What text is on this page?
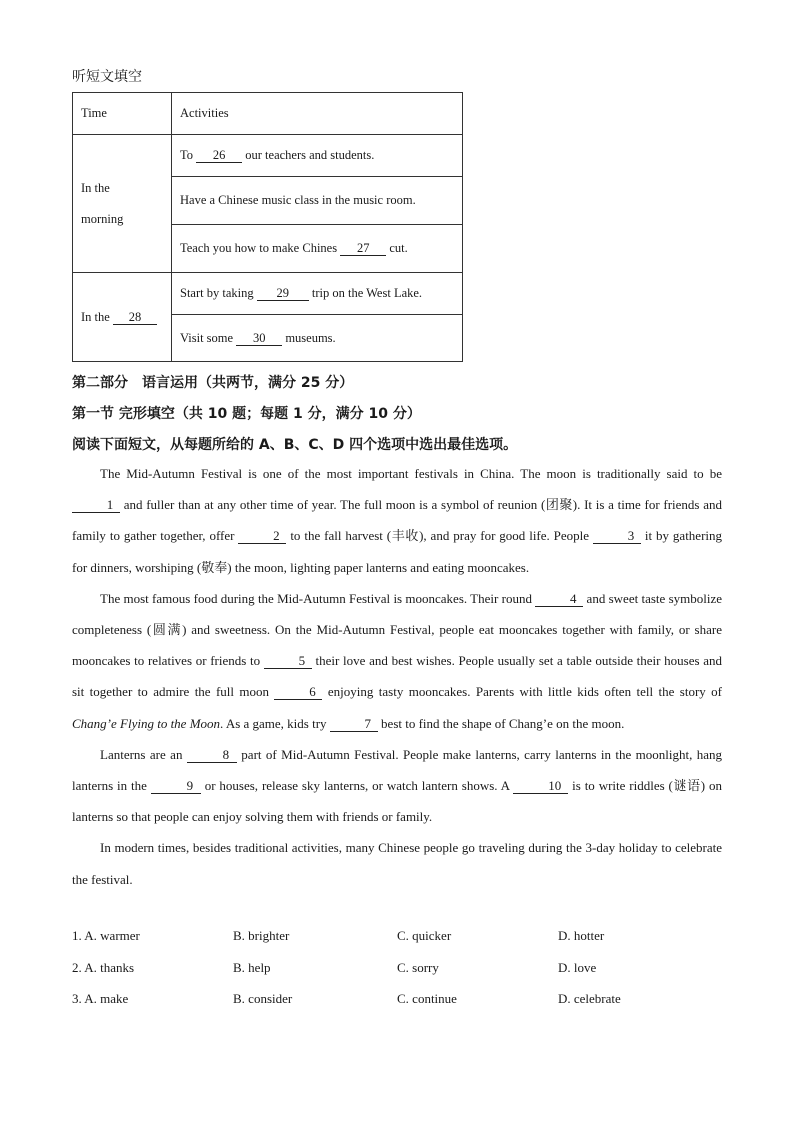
听短文填空
Time	Activities

In the
morning	To 26 our teachers and students.
	Have a Chinese music class in the music room.
	Teach you how to make Chines 27 cut.
In the 28	Start by taking 29 trip on the West Lake.
	Visit some 30 museums.
第二部分　语言运用（共两节，满分 25 分）
第一节 完形填空（共 10 题；每题 1 分，满分 10 分）
阅读下面短文，从每题所给的 A、B、C、D 四个选项中选出最佳选项。

The Mid-Autumn Festival is one of the most important festivals in China. The moon is traditionally said to be 1 and fuller than at any other time of year. The full moon is a symbol of reunion (团聚). It is a time for friends and family to gather together, offer	2 to the fall harvest (丰收), and pray for good life. People	3 it by gathering for dinners, worshiping (敬奉) the moon, lighting paper lanterns and eating mooncakes.

The most famous food during the Mid-Autumn Festival is mooncakes. Their round	4 and sweet taste symbolize completeness (圆满) and sweetness. On the Mid-Autumn Festival, people eat mooncakes together with family, or share mooncakes to relatives or friends to	5 their love and best wishes. People usually set a table outside their houses and sit together to admire the full moon	6 enjoying tasty mooncakes. Parents with little kids often tell the story of Chang’e Flying to the Moon. As a game, kids try	7 best to find the shape of Chang’e on the moon.

Lanterns are an	8 part of Mid-Autumn Festival. People make lanterns, carry lanterns in the moonlight, hang lanterns in the	9 or houses, release sky lanterns, or watch lantern shows. A	10 is to write riddles (谜语) on lanterns so that people can enjoy solving them with friends or family.

In modern times, besides traditional activities, many Chinese people go traveling during the 3-day holiday to celebrate the festival.

1. A. warmer	B. brighter	C. quicker	D. hotter
2. A. thanks	B. help	C. sorry	D. love
3. A. make	B. consider	C. continue	D. celebrate
